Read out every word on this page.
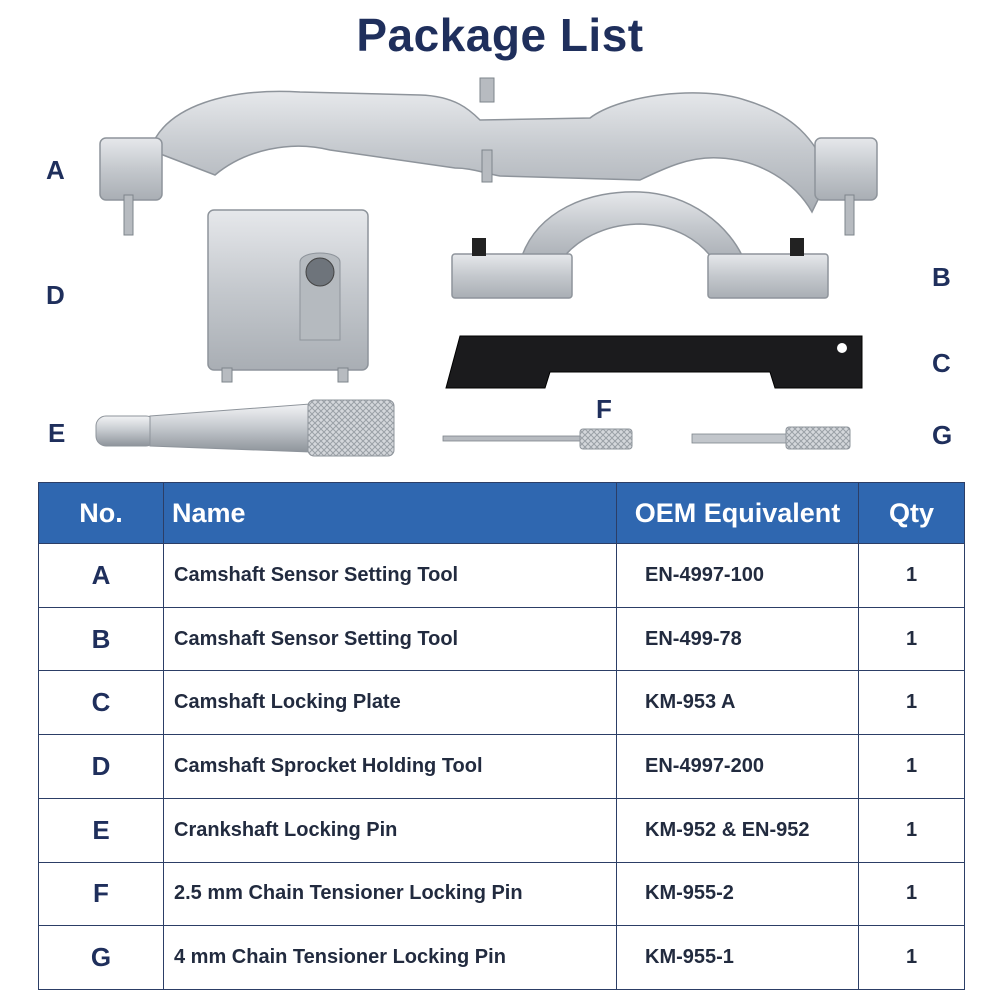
Package List
A
D
E
B
C
F
G
No.	Name	OEM Equivalent	Qty
A	Camshaft Sensor Setting Tool	EN-4997-100	1
B	Camshaft Sensor Setting Tool	EN-499-78	1
C	Camshaft Locking Plate	KM-953 A	1
D	Camshaft Sprocket Holding Tool	EN-4997-200	1
E	Crankshaft Locking Pin	KM-952 & EN-952	1
F	2.5 mm Chain Tensioner Locking Pin	KM-955-2	1
G	4 mm Chain Tensioner Locking Pin	KM-955-1	1
